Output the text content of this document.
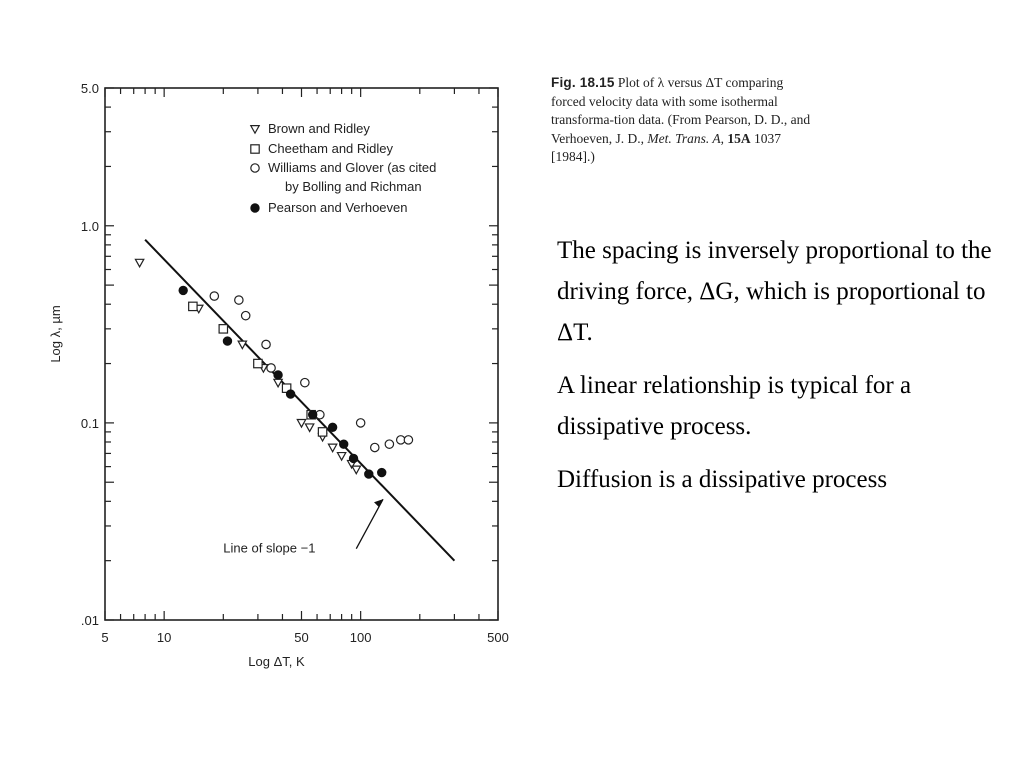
5	10	50	100	500
5.0
1.0
0.1
.01
Line of slope −1
Brown and Ridley
Cheetham and Ridley
Williams and Glover (as cited
Pearson and Verhoeven
by Bolling and Richman
Log ΔT, K
Log λ, µm
Fig. 18.15 Plot of λ versus ΔT comparing forced velocity data with some isothermal transforma-tion data. (From Pearson, D. D., and Verhoeven, J. D., Met. Trans. A, 15A 1037 [1984].)

The spacing is inversely proportional to the driving force, ΔG, which is proportional to ΔT.

A linear relationship is typical for a dissipative process.

Diffusion is a dissipative process
